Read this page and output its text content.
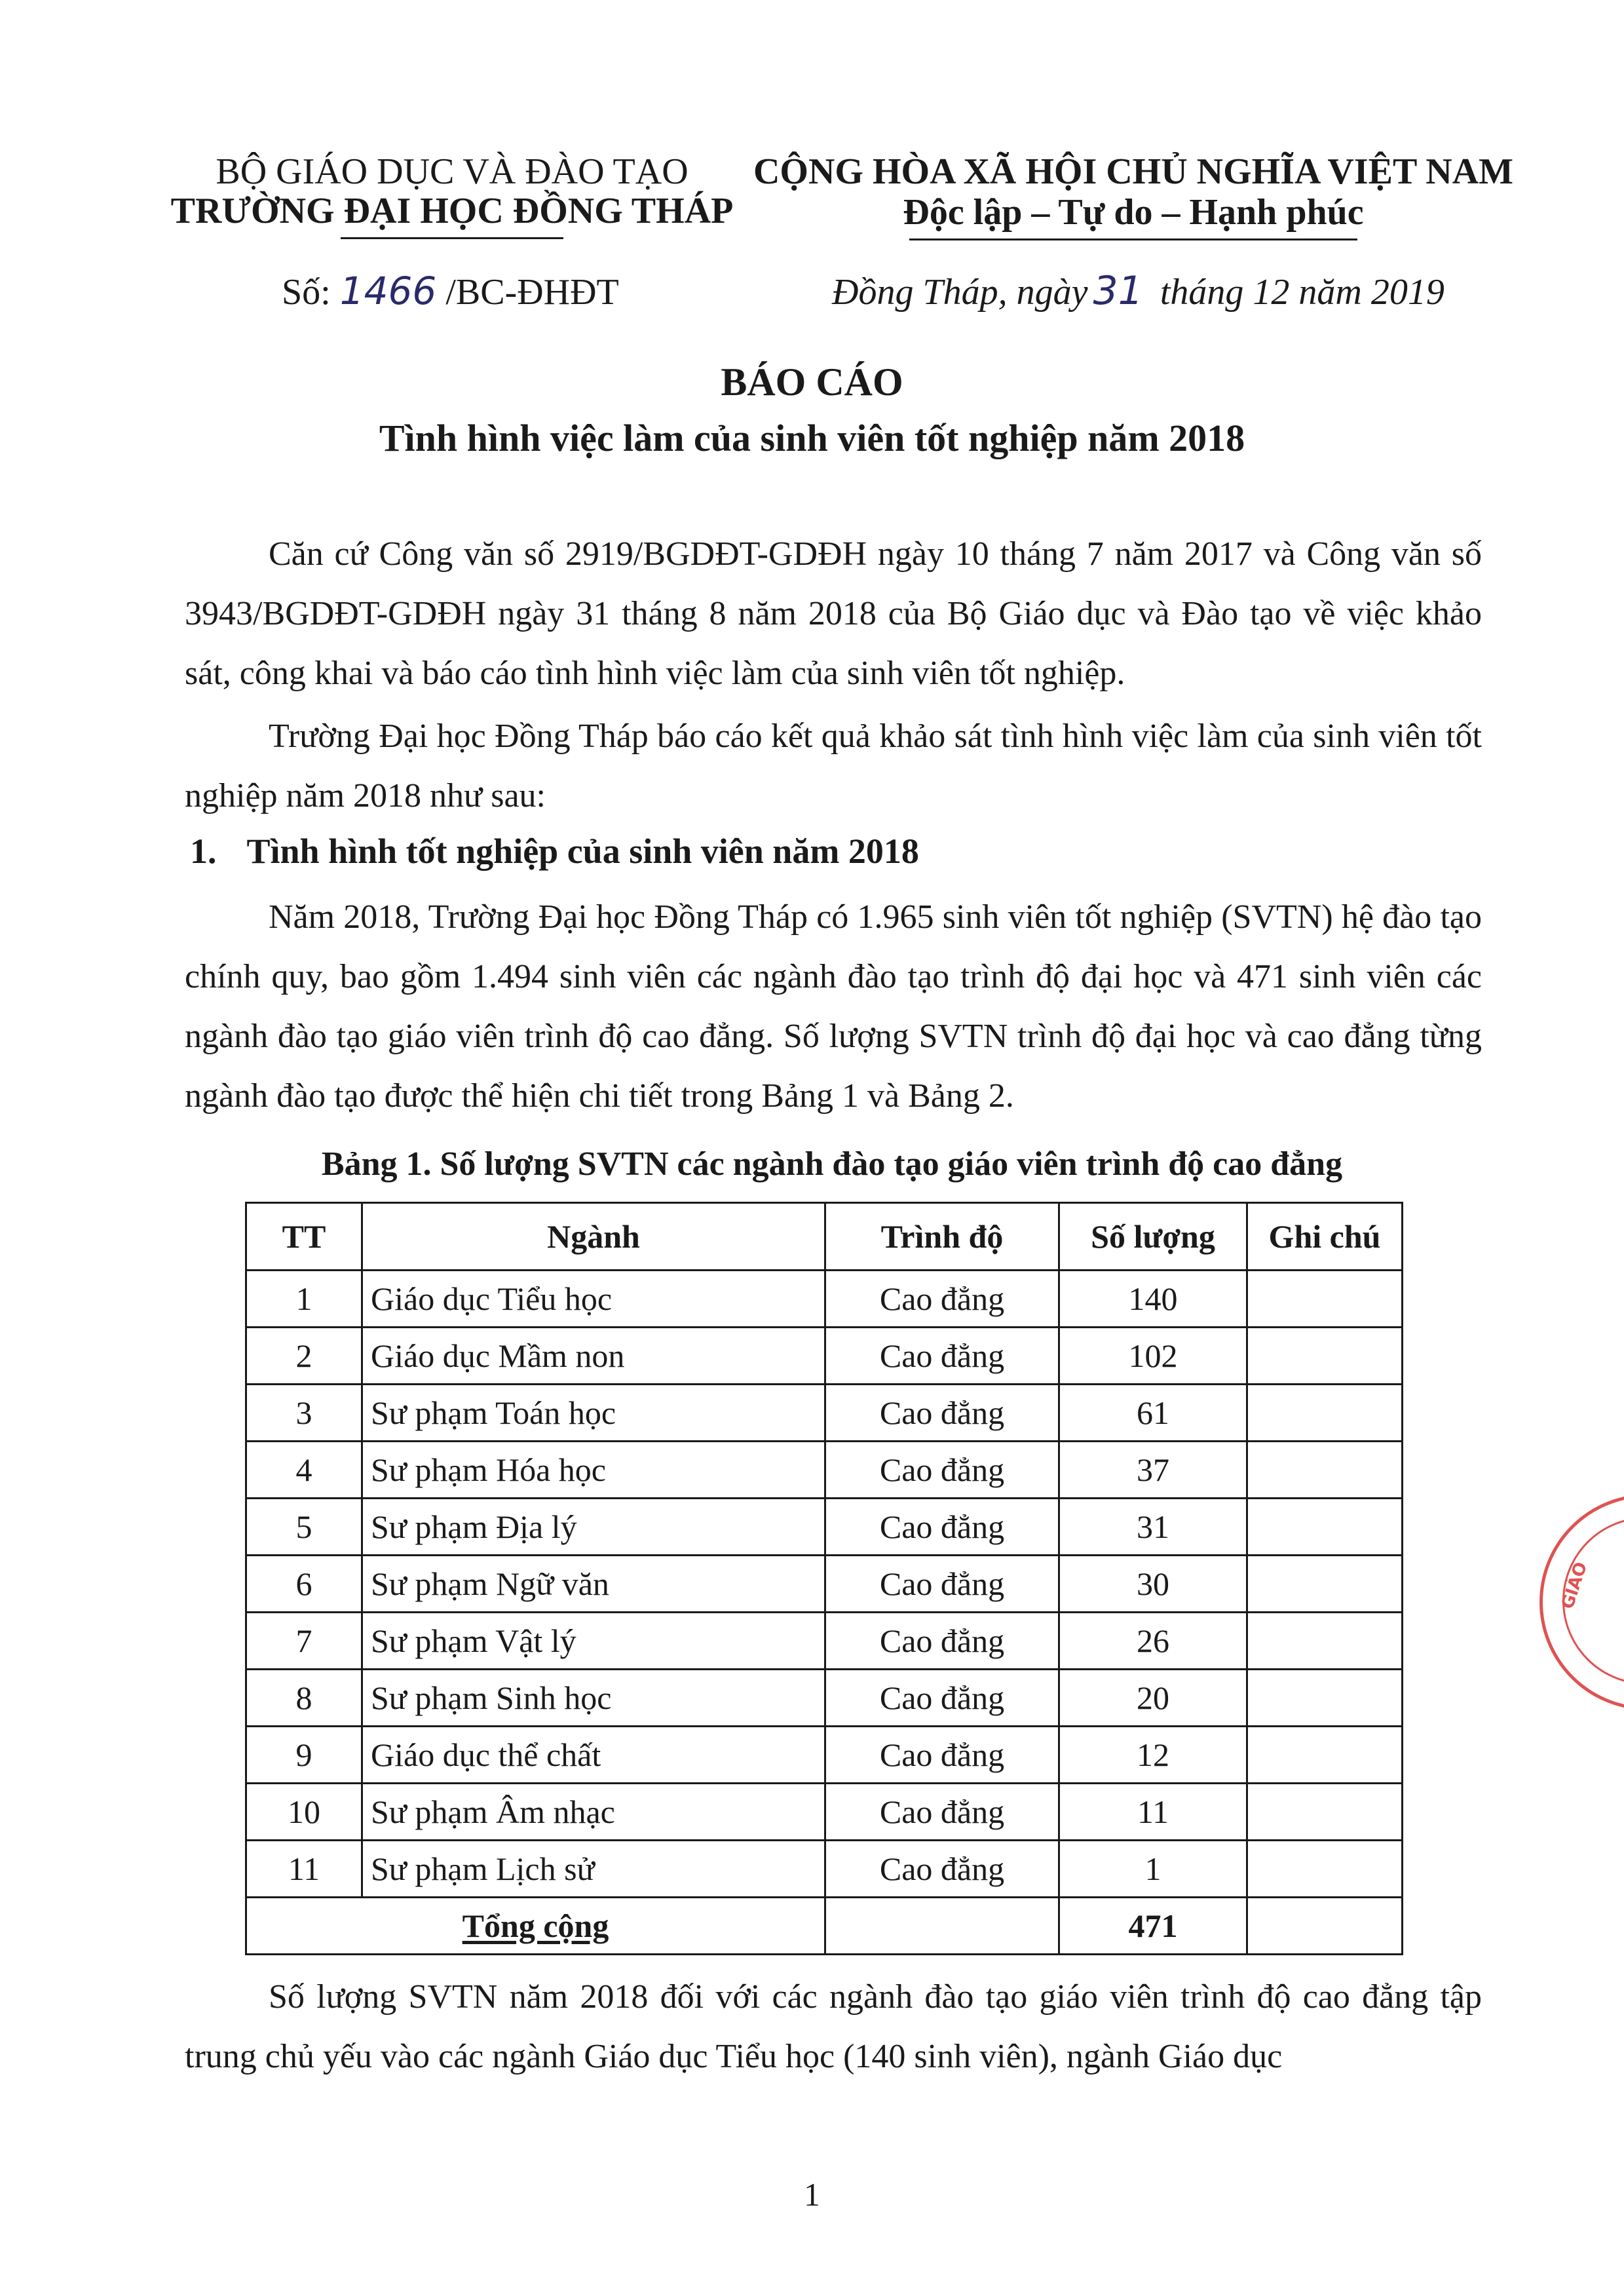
BỘ GIÁO DỤC VÀ ĐÀO TẠO
TRƯỜNG ĐẠI HỌC ĐỒNG THÁP
CỘNG HÒA XÃ HỘI CHỦ NGHĨA VIỆT NAM
Độc lập – Tự do – Hạnh phúc
Số: 1466 /BC-ĐHĐT	Đồng Tháp, ngày 31 tháng 12 năm 2019
BÁO CÁO
Tình hình việc làm của sinh viên tốt nghiệp năm 2018
Căn cứ Công văn số 2919/BGDĐT-GDĐH ngày 10 tháng 7 năm 2017 và Công văn số 3943/BGDĐT-GDĐH ngày 31 tháng 8 năm 2018 của Bộ Giáo dục và Đào tạo về việc khảo sát, công khai và báo cáo tình hình việc làm của sinh viên tốt nghiệp.
Trường Đại học Đồng Tháp báo cáo kết quả khảo sát tình hình việc làm của sinh viên tốt nghiệp năm 2018 như sau:
1. Tình hình tốt nghiệp của sinh viên năm 2018
Năm 2018, Trường Đại học Đồng Tháp có 1.965 sinh viên tốt nghiệp (SVTN) hệ đào tạo chính quy, bao gồm 1.494 sinh viên các ngành đào tạo trình độ đại học và 471 sinh viên các ngành đào tạo giáo viên trình độ cao đẳng. Số lượng SVTN trình độ đại học và cao đẳng từng ngành đào tạo được thể hiện chi tiết trong Bảng 1 và Bảng 2.
Bảng 1. Số lượng SVTN các ngành đào tạo giáo viên trình độ cao đẳng
TT	Ngành	Trình độ	Số lượng	Ghi chú
1	Giáo dục Tiểu học	Cao đẳng	140	
2	Giáo dục Mầm non	Cao đẳng	102	
3	Sư phạm Toán học	Cao đẳng	61	
4	Sư phạm Hóa học	Cao đẳng	37	
5	Sư phạm Địa lý	Cao đẳng	31	
6	Sư phạm Ngữ văn	Cao đẳng	30	
7	Sư phạm Vật lý	Cao đẳng	26	
8	Sư phạm Sinh học	Cao đẳng	20	
9	Giáo dục thể chất	Cao đẳng	12	
10	Sư phạm Âm nhạc	Cao đẳng	11	
11	Sư phạm Lịch sử	Cao đẳng	1	
Tổng cộng			471	
Số lượng SVTN năm 2018 đối với các ngành đào tạo giáo viên trình độ cao đẳng tập trung chủ yếu vào các ngành Giáo dục Tiểu học (140 sinh viên), ngành Giáo dục
GIÁO
1
